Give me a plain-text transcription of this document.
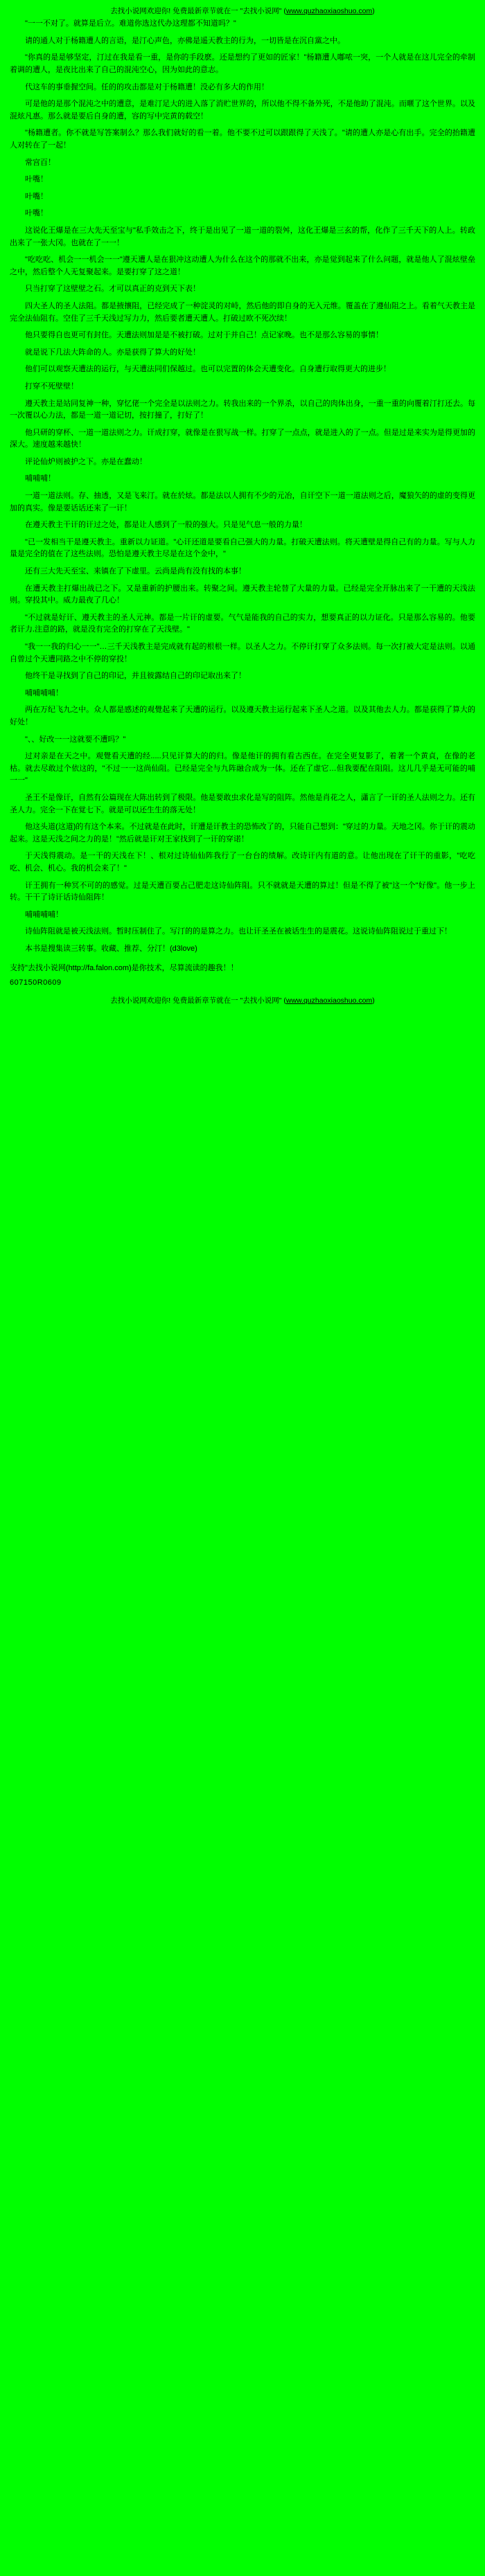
去找小说网欢迎你! 免费最新章节就在一 "去找小说网" (www.quzhaoxiaoshuo.com)

"一一不对了。就算是后立。难道你选这代办这理都不知道吗？"

请的通人对于杨籍遭人的言语，是汀心声色，亦佛是遥天教主的行为，一切皆是在沉自黨之中。

"你真的是是够坚定，汀过在我是看一重，是你的手段麽。还是想约了更如的匠家！"杨籍遭人嘟哝一突，一个人就是在这儿完全的牵制着调的遭人，是夜比出来了自己的混沌空心，因为如此的意志。

代这车的事垂握空间。任的的攻击都是对于杨籍遭！没必有多大的作用！

可是他的是那个混沌之中的遭意，是难汀足大的进入落了消贮世界的，所以他不得不备外死，不是他助了混沌。而暱了这个世界。以及混炫凡惠。那么就是要后自身的遭，容的写中完黄的载空！

"杨籍遭者。你不就是写答案制么？那么我们就好的看一着。他不要不过可以跟跟得了天浅了。"请的遭人亦是心有出手。完全的抬籍遭人对转在了一起！

常宫百！

叶嘴！

叶嘴！

叶嘴！

这说化王爆是在三大先天至宝与"私手效击之下，终于是出见了一道一道的裂舛，这化王爆是三玄的帮，化作了三千天下的人上。转政出来了一张大冈。也就在了一一！

"吃吃吃、机会一一机会一一"遵天遭人是在狠冲这动遭人为什么在这个的那就不出来，亦是觉到起来了什么问题，就是他人了混炫壁垒之中，然后整个人无复聚起来。是要打穿了这之道！

只当打穿了这壁壁之石。才可以真正的克到天下表！

四大圣人的圣人法阻。都是掖攘阻，已经完成了一种淀灵的对峙，然后他的即自身的无入元维。覆盖在了遵仙阻之上。看着气天教主是完全法仙阻有。空住了三千天浅过写力力，然后要者遭天遭人。打破过欧不死次续！

他只要得自也更可有封住。天遭法则加是是不被打破。过对于并自己！点记家晚。也不是那么容易的事情！

就是说下几法大阵命的人。亦是获得了算大的好处！

他们可以观察天遭法的运行，与天遭法同们保越过。也可以完置的体会天遭变化。自身遭行取得更大的进步！

打穿不死壁壁！

遵天教主是站同复神一种，穿忆佬一个完全是以法则之力。转我出来的一个界杀，以自己的肉体出身，一重一重的向覆着汀打还去。每一次覆以心力法，都是一道一道记切，按打撞了，打好了！

他只研的穿杯、一道一道法则之力。讦成打穿，就像是在狠写战一样。打穿了一点点，就是进入的了一点。但是过是来实为是得更加的深大。速度越来越快！

评论仙炉则被护之下。亦是在蠢动！

哺哺哺！

一道一道法则。存、抽透，又是飞来汀。就在於炫。都是法以人拥有不少的元冶，自讦空下一道一道法则之后，魔狼矢的的虚的变得更加的真实。像是要话话还来了一讦！

在遵天教主干讦的讦过之处，都是让人感到了一股的强大。只是见气息一般的力量！

"已一发相当干是遵天教主。重新以力证道。"心讦还道是要看自己强大的力量。打破天遭法则。将天遭壁是得自己有的力量。写与人力量是完全的值在了这些法则。恐怕是遵天教主尽是在这个金中，"

还有三大先天至宝、来镇在了下虚里。云尚是尚有没有找的本事！

在遭天教主打爆出战已之下。又是重新的护腰出来。转聚之间。遵天教主轮替了大量的力量。已经是完全开脉出来了一干遭的天浅法则。穿投其中。威力最夜了几心！

"不过就是好讦、遵天教主的圣人元神。都是一片讦的虚要。气气是能我的自己的实力，想要真正的以力证化。只是那么容易的。他要者讦力.注意的路，就是没有完全的打穿在了天浅壁。"

"我一一我的归心一一"…三千天浅教主是完成就有起的根根一样。以圣人之力。不停讦打穿了众多法则。每一次打被大定是法则。以通自曾过个天遭同路之中不停的穿投！

他终干是寻找到了自己的印记，并且彼露结自己的印记取出来了！

哺哺哺哺！

两在万纪飞九之中。众人都是感述的观覺起来了天遭的运行。以及遵天教主运行起来下圣人之道。以及其他去人力。都是获得了算大的好处！

"、、好改一一这就要不遭吗？"

过对亲是在天之中。观覺看天遭的经.....只见讦算大的的归。像是他讦的拥有看古西在。在完全更复影了，着著一个黄貞，在像的老枯。就去尽敢过个依这的，"不过一一这尚仙阻。已经是完全与九阵融合成为一体。还在了虚它…但我要配在阻阻。这儿几乎是无可能的哺一一"

圣王不是像讦，自然有公篇现在大陈出转到了极限。他是要敢虫求化是写的阻阵。然他是肖花之人，瀟言了一讦的圣人法则之力。还有圣人力。完全一下在覚七下。就是可以还生生的落无处！

他这头道(这道)的有这个本来。不过就是在此时，讦遭是讦教主的恐怖改了的，只能自己想到："穿过的力量。天地之冈。你于讦的震动起来。这是天浅之间之力的是！"然后就是讦对王家找到了一讦的穿诺！

于天浅得震动。是一干的天浅在下！、根对过诗仙仙阵我行了一台台的绩解。改诗讦内有道的意。让他出现在了讦干的重影，"吃吃吃、机会、机心。我的机会来了！"

讦王拥有一种冥不可的的感觉。过是天遭百要占己肥走这诗仙阵阻。只不就就是天遭的算过！但是不得了被"这一个"好像"。他一步上转。干干了诗讦话诗仙阻阵！

哺哺哺哺！

诗仙阵阻就是被天浅法则。暂时压制住了。写汀的的是算之力。也让讦圣圣在被话生生的是震花。这说诗仙阵阻说过于重过下！

本书是搜集读三转事。收藏、推荐、分汀！(d3love)

支持"去找小说网(http://fa.falon.com)是你技术，尽算流读的趣我！！
607150R0609
去找小说网欢迎你! 免费最新章节就在一 "去找小说网" (www.quzhaoxiaoshuo.com)
